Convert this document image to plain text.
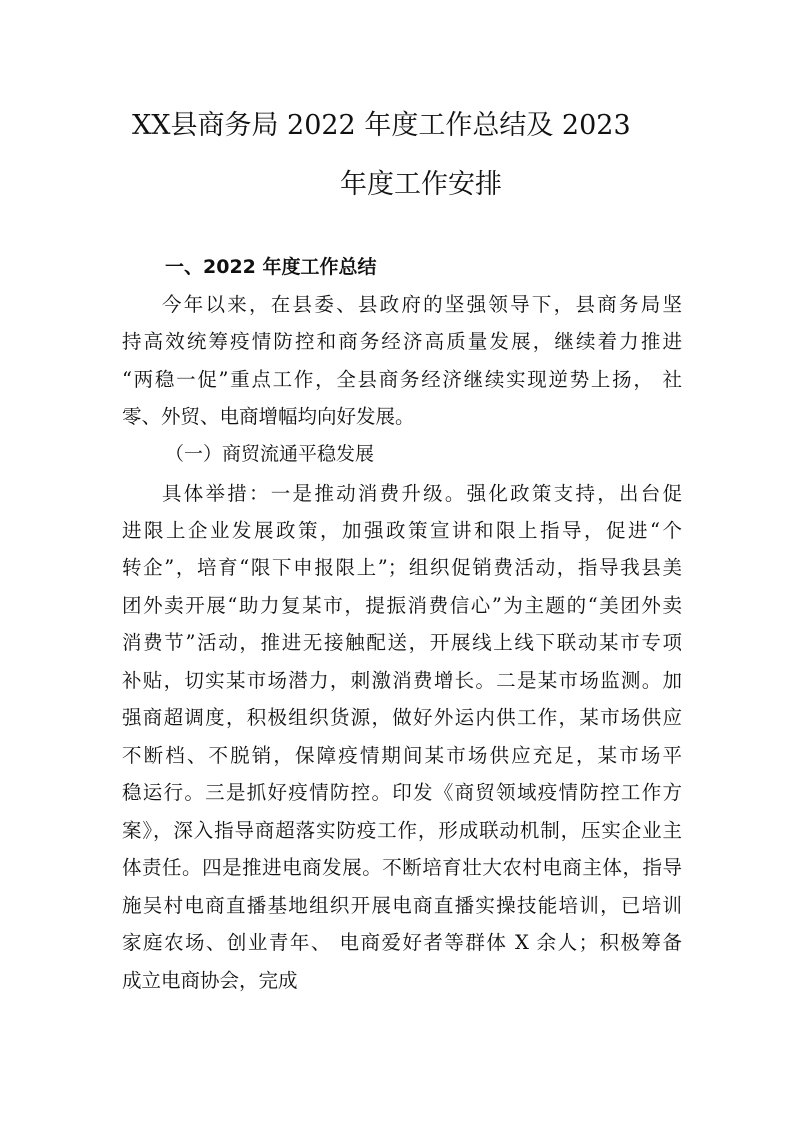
XX县商务局 2022 年度工作总结及 2023
年度工作安排
一、2022 年度工作总结
今年以来，在县委、县政府的坚强领导下，县商务局坚
持高效统筹疫情防控和商务经济高质量发展，继续着力推进
“两稳一促”重点工作，全县商务经济继续实现逆势上扬， 社
零、外贸、电商增幅均向好发展。
（一）商贸流通平稳发展
具体举措：一是推动消费升级。强化政策支持，出台促
进限上企业发展政策，加强政策宣讲和限上指导，促进“个
转企”，培育“限下申报限上”；组织促销费活动，指导我县美
团外卖开展“助力复某市，提振消费信心”为主题的“美团外卖
消费节”活动，推进无接触配送，开展线上线下联动某市专项
补贴，切实某市场潜力，刺激消费增长。二是某市场监测。加
强商超调度，积极组织货源，做好外运内供工作，某市场供应
不断档、不脱销，保障疫情期间某市场供应充足，某市场平
稳运行。三是抓好疫情防控。印发《商贸领域疫情防控工作方
案》，深入指导商超落实防疫工作，形成联动机制，压实企业主
体责任。四是推进电商发展。不断培育壮大农村电商主体，指导
施吴村电商直播基地组织开展电商直播实操技能培训，已培训
家庭农场、创业青年、 电商爱好者等群体 X 余人；积极筹备
成立电商协会，完成
